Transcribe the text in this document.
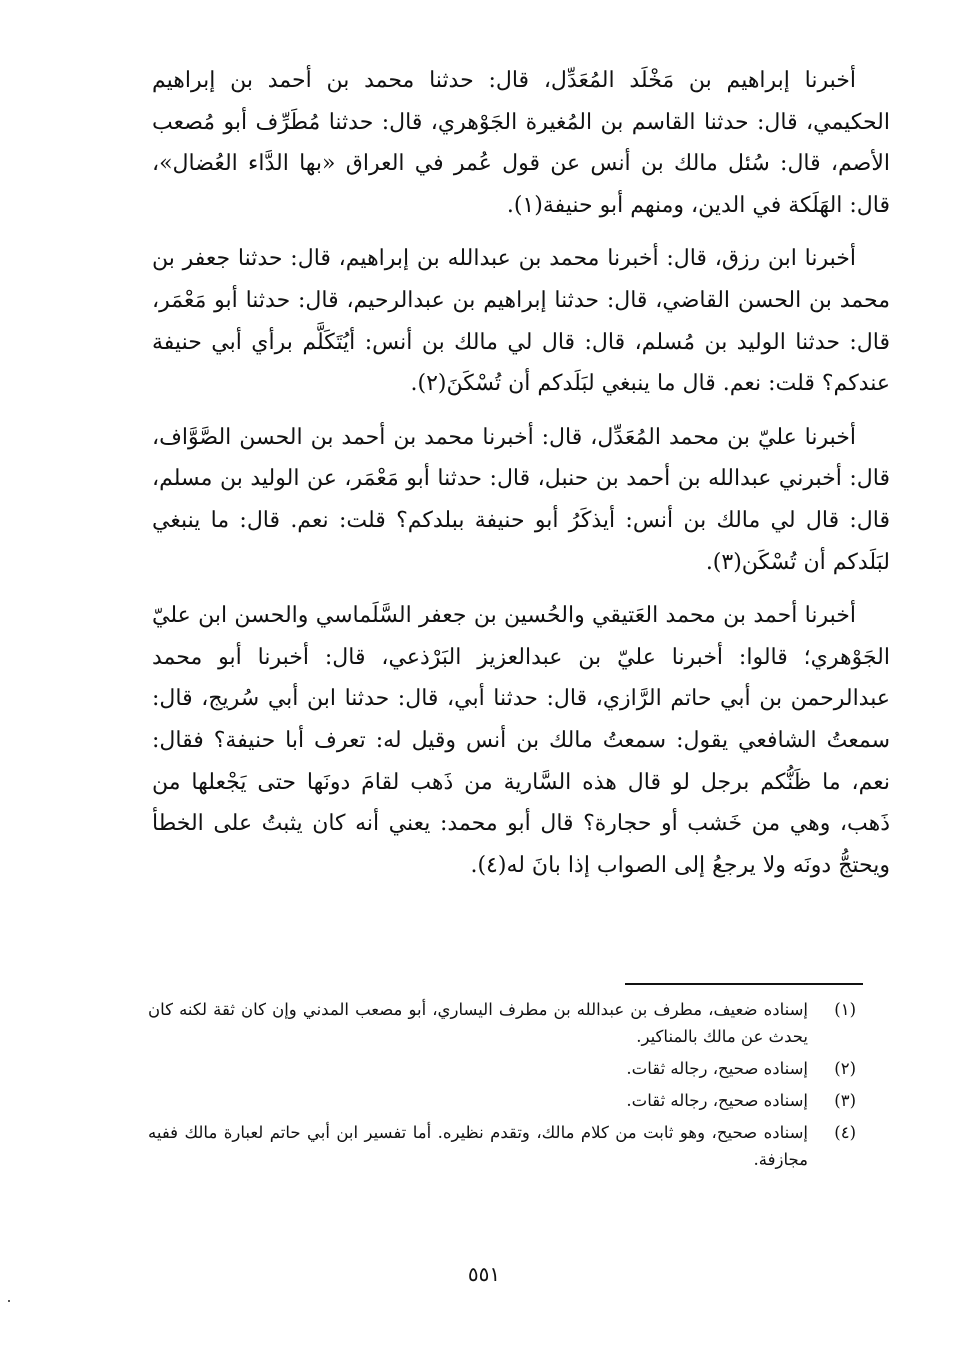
أخبرنا إبراهيم بن مَخْلَد المُعَدِّل، قال: حدثنا محمد بن أحمد بن إبراهيم الحكيمي، قال: حدثنا القاسم بن المُغيرة الجَوْهري، قال: حدثنا مُطَرِّف أبو مُصعب الأصم، قال: سُئل مالك بن أنس عن قول عُمر في العراق «بها الدَّاء العُضال»، قال: الهَلَكة في الدين، ومنهم أبو حنيفة(١).

أخبرنا ابن رزق، قال: أخبرنا محمد بن عبدالله بن إبراهيم، قال: حدثنا جعفر بن محمد بن الحسن القاضي، قال: حدثنا إبراهيم بن عبدالرحيم، قال: حدثنا أبو مَعْمَر، قال: حدثنا الوليد بن مُسلم، قال: قال لي مالك بن أنس: أيُتَكَلَّم برأي أبي حنيفة عندكم؟ قلت: نعم. قال ما ينبغي لبَلَدكم أن تُسْكَنَ(٢).

أخبرنا عليّ بن محمد المُعَدِّل، قال: أخبرنا محمد بن أحمد بن الحسن الصَّوَّاف، قال: أخبرني عبدالله بن أحمد بن حنبل، قال: حدثنا أبو مَعْمَر، عن الوليد بن مسلم، قال: قال لي مالك بن أنس: أيذكَرُ أبو حنيفة ببلدكم؟ قلت: نعم. قال: ما ينبغي لبَلَدكم أن تُسْكَن(٣).

أخبرنا أحمد بن محمد العَتيقي والحُسين بن جعفر السَّلَماسي والحسن ابن عليّ الجَوْهري؛ قالوا: أخبرنا عليّ بن عبدالعزيز البَرْذعي، قال: أخبرنا أبو محمد عبدالرحمن بن أبي حاتم الرَّازي، قال: حدثنا أبي، قال: حدثنا ابن أبي سُريج، قال: سمعتُ الشافعي يقول: سمعتُ مالك بن أنس وقيل له: تعرف أبا حنيفة؟ فقال: نعم، ما ظَنُّكم برجل لو قال هذه السَّارية من ذَهب لقامَ دونَها حتى يَجْعلها من ذَهب، وهي من خَشب أو حجارة؟ قال أبو محمد: يعني أنه كان يثبتُ على الخطأ ويحتجُّ دونَه ولا يرجعُ إلى الصواب إذا بانَ له(٤).

(١)
إسناده ضعيف، مطرف بن عبدالله بن مطرف اليساري، أبو مصعب المدني وإن كان ثقة لكنه كان يحدث عن مالك بالمناكير.
(٢)
إسناده صحيح، رجاله ثقات.
(٣)
إسناده صحيح، رجاله ثقات.
(٤)
إسناده صحيح، وهو ثابت من كلام مالك، وتقدم نظيره. أما تفسير ابن أبي حاتم لعبارة مالك ففيه مجازفة.
٥٥١
